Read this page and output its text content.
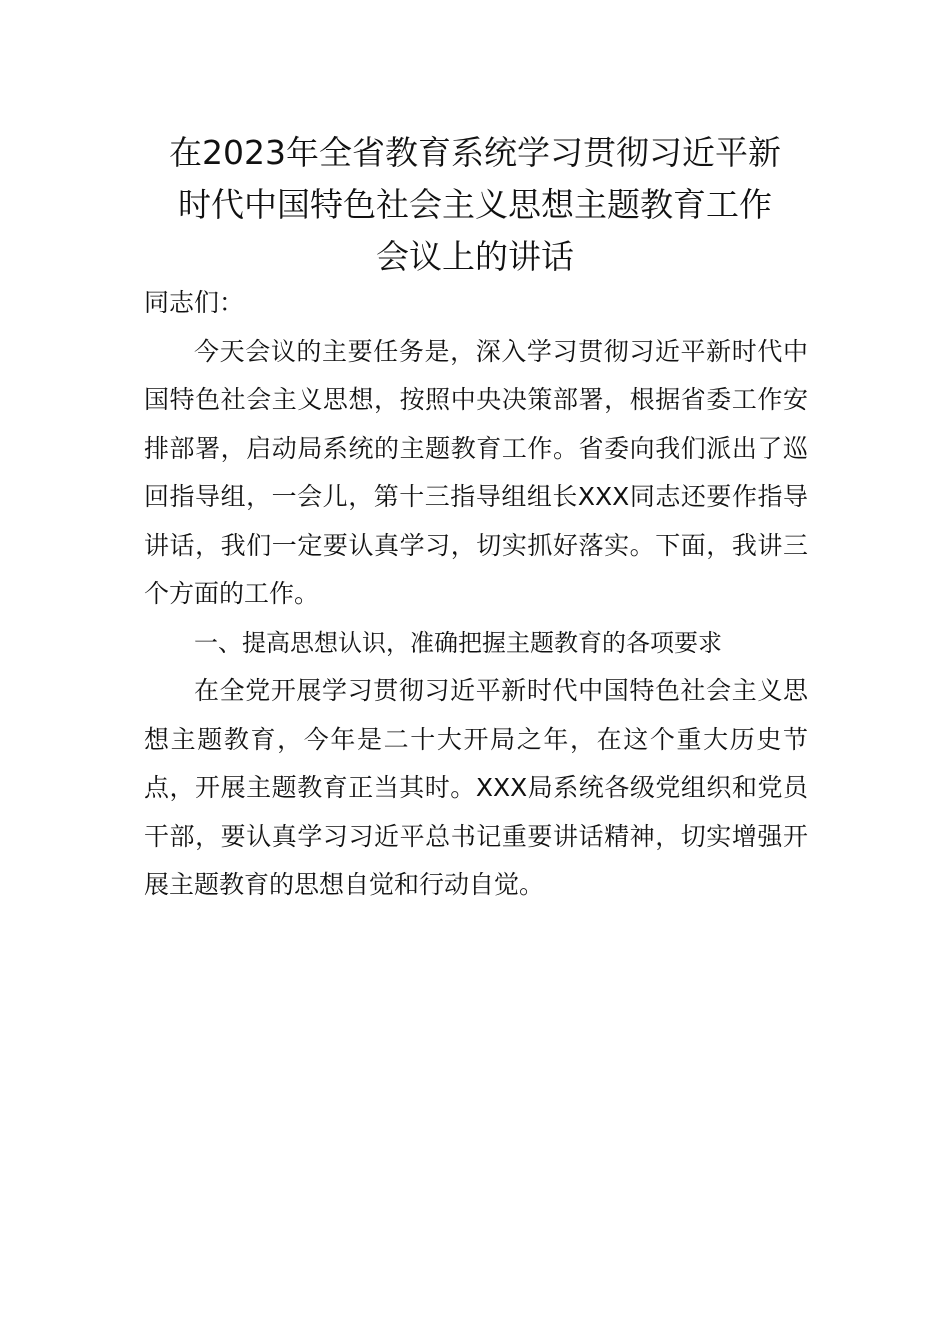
在2023年全省教育系统学习贯彻习近平新
时代中国特色社会主义思想主题教育工作
会议上的讲话

同志们：

今天会议的主要任务是，深入学习贯彻习近平新时代中国特色社会主义思想，按照中央决策部署，根据省委工作安排部署，启动局系统的主题教育工作。省委向我们派出了巡回指导组，一会儿，第十三指导组组长XXX同志还要作指导讲话，我们一定要认真学习，切实抓好落实。下面，我讲三个方面的工作。

一、提高思想认识，准确把握主题教育的各项要求

在全党开展学习贯彻习近平新时代中国特色社会主义思想主题教育，今年是二十大开局之年，在这个重大历史节点，开展主题教育正当其时。XXX局系统各级党组织和党员干部，要认真学习习近平总书记重要讲话精神，切实增强开展主题教育的思想自觉和行动自觉。
